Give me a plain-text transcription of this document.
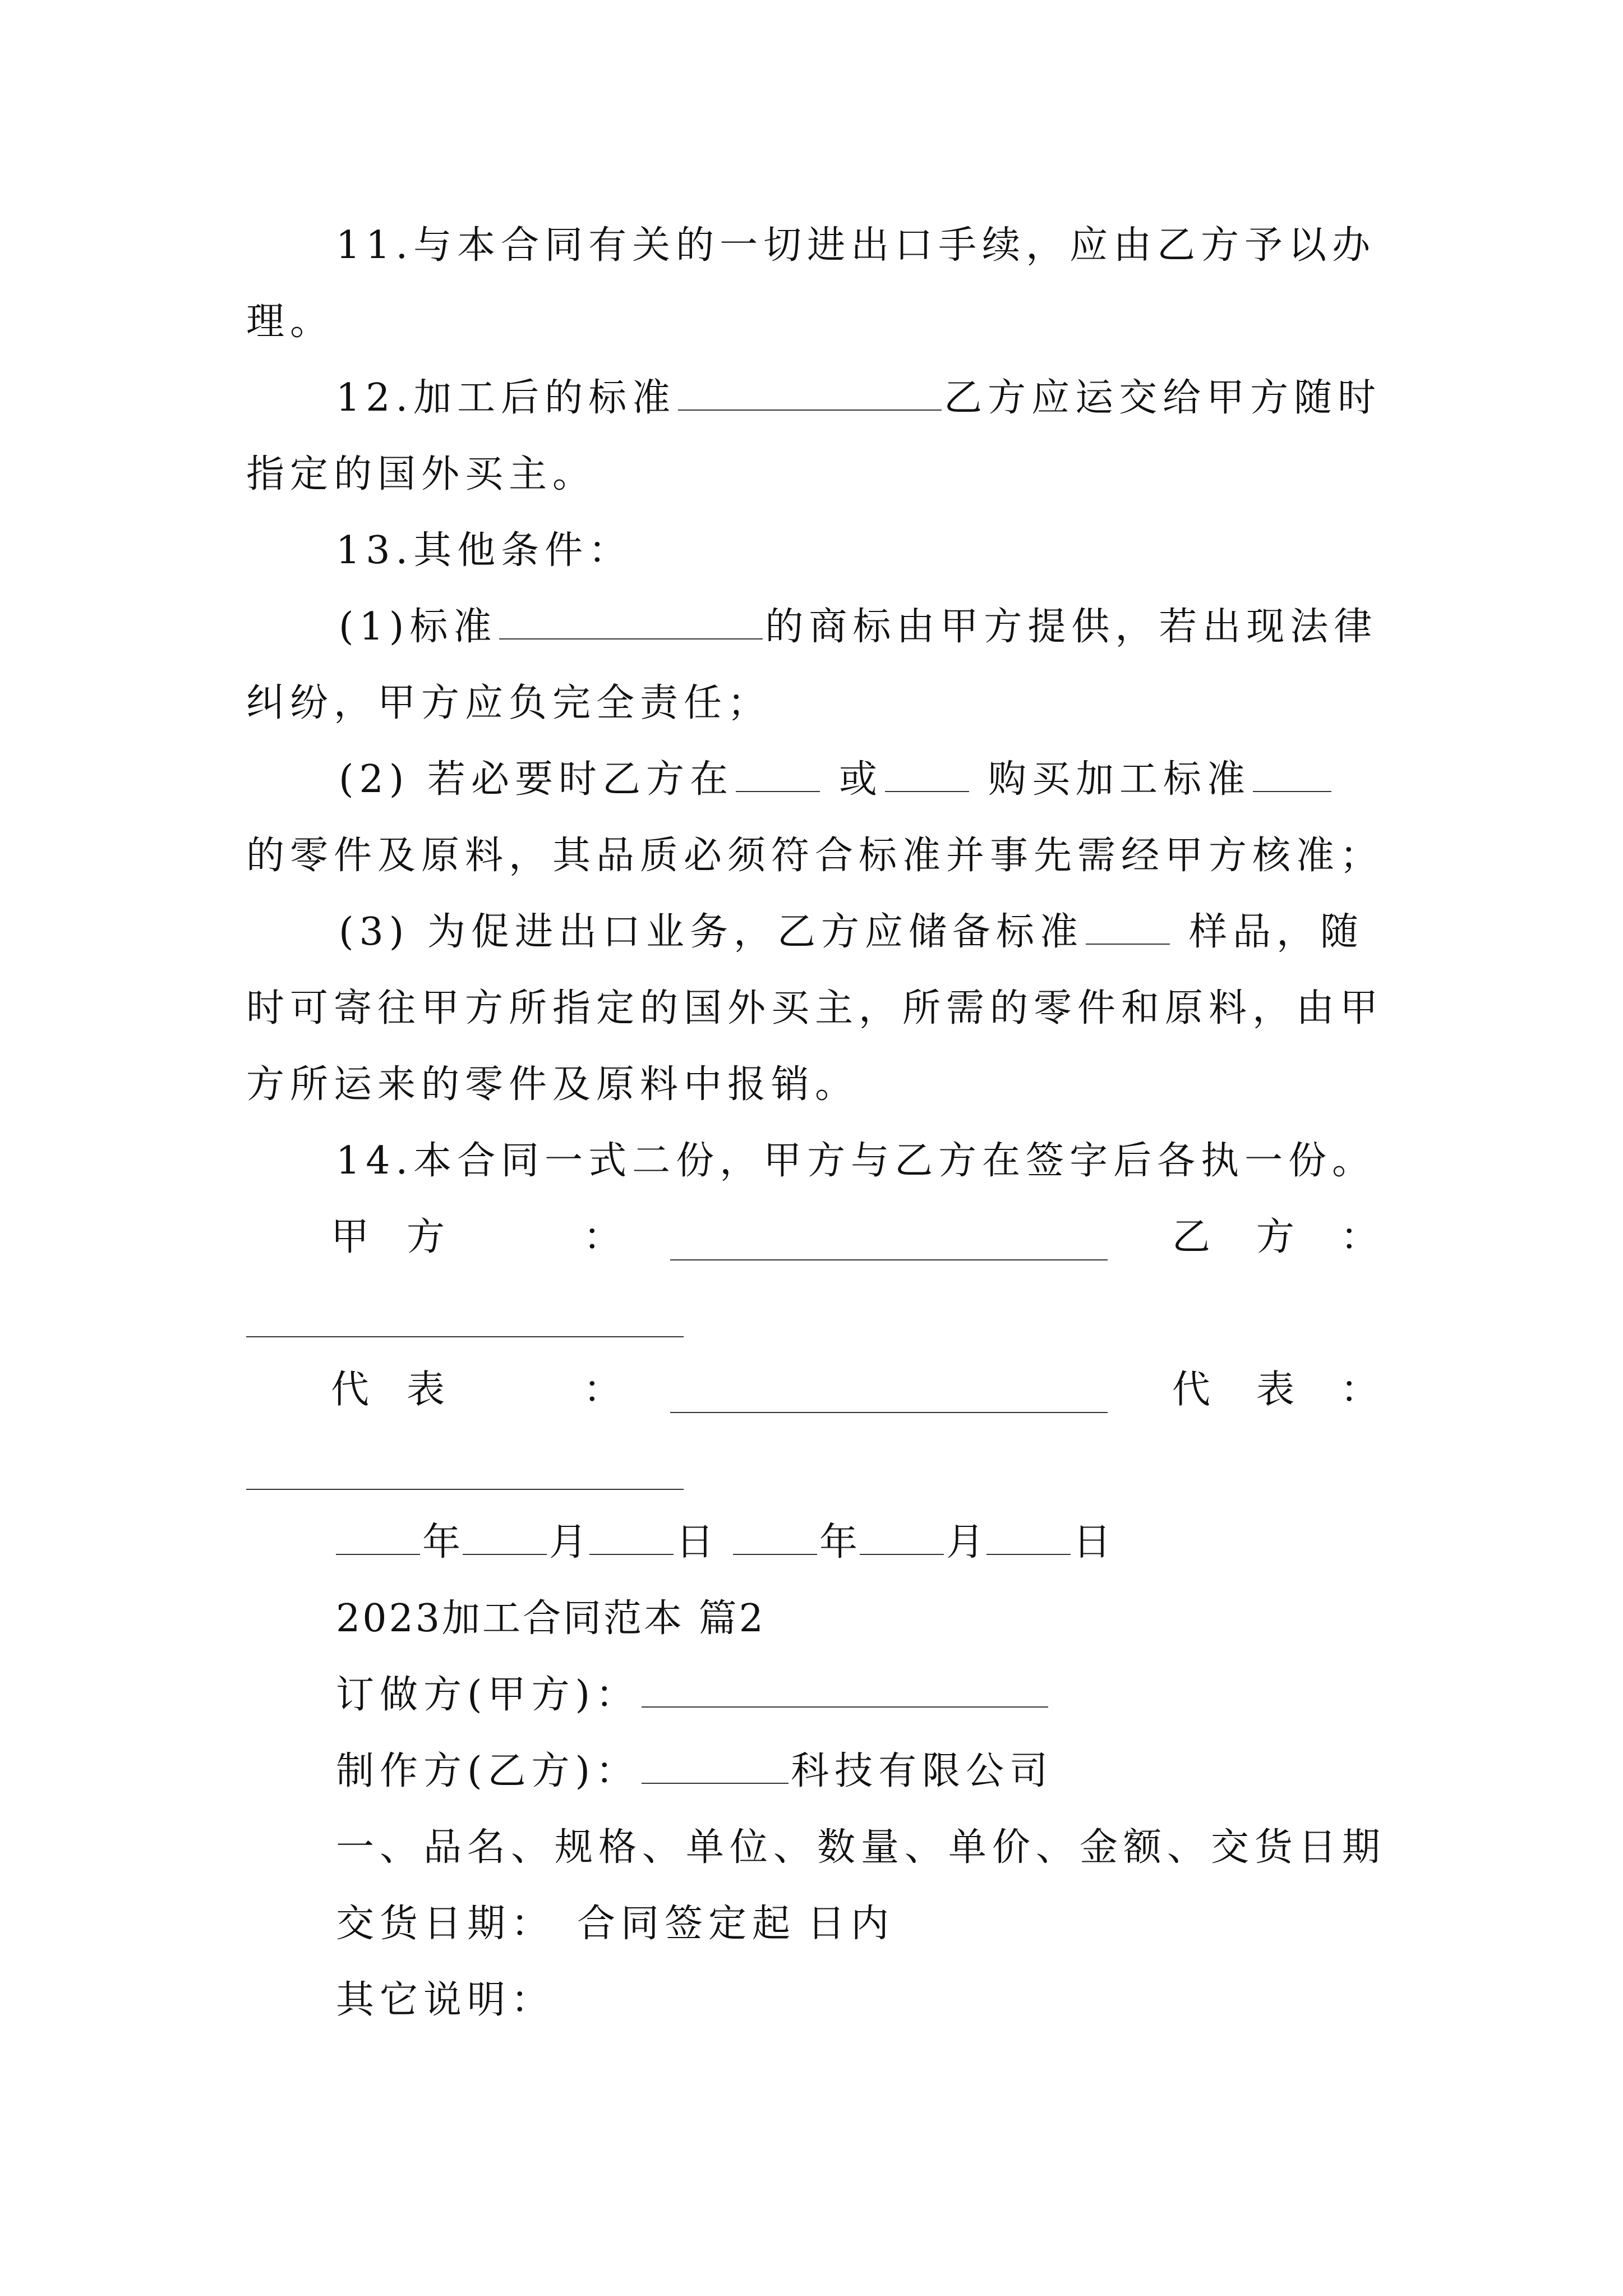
11.与本合同有关的一切进出口手续，应由乙方予以办
理。
12.加工后的标准	乙方应运交给甲方随时
指定的国外买主。
13.其他条件：
(1)标准	的商标由甲方提供，若出现法律
纠纷，甲方应负完全责任；
(2) 若必要时乙方在	或	购买加工标准
的零件及原料，其品质必须符合标准并事先需经甲方核准；
(3) 为促进出口业务，乙方应储备标准	样品，随
时可寄往甲方所指定的国外买主，所需的零件和原料，由甲
方所运来的零件及原料中报销。
14.本合同一式二份，甲方与乙方在签字后各执一份。
甲 方	：	乙 方 ：
代 表	：	代 表 ：
年 月 日	年 月 日
2023加工合同范本 篇2
订做方(甲方)：
制作方(乙方)：	科技有限公司
一、品名、规格、单位、数量、单价、金额、交货日期
交货日期： 合同签定起 日内
其它说明：
